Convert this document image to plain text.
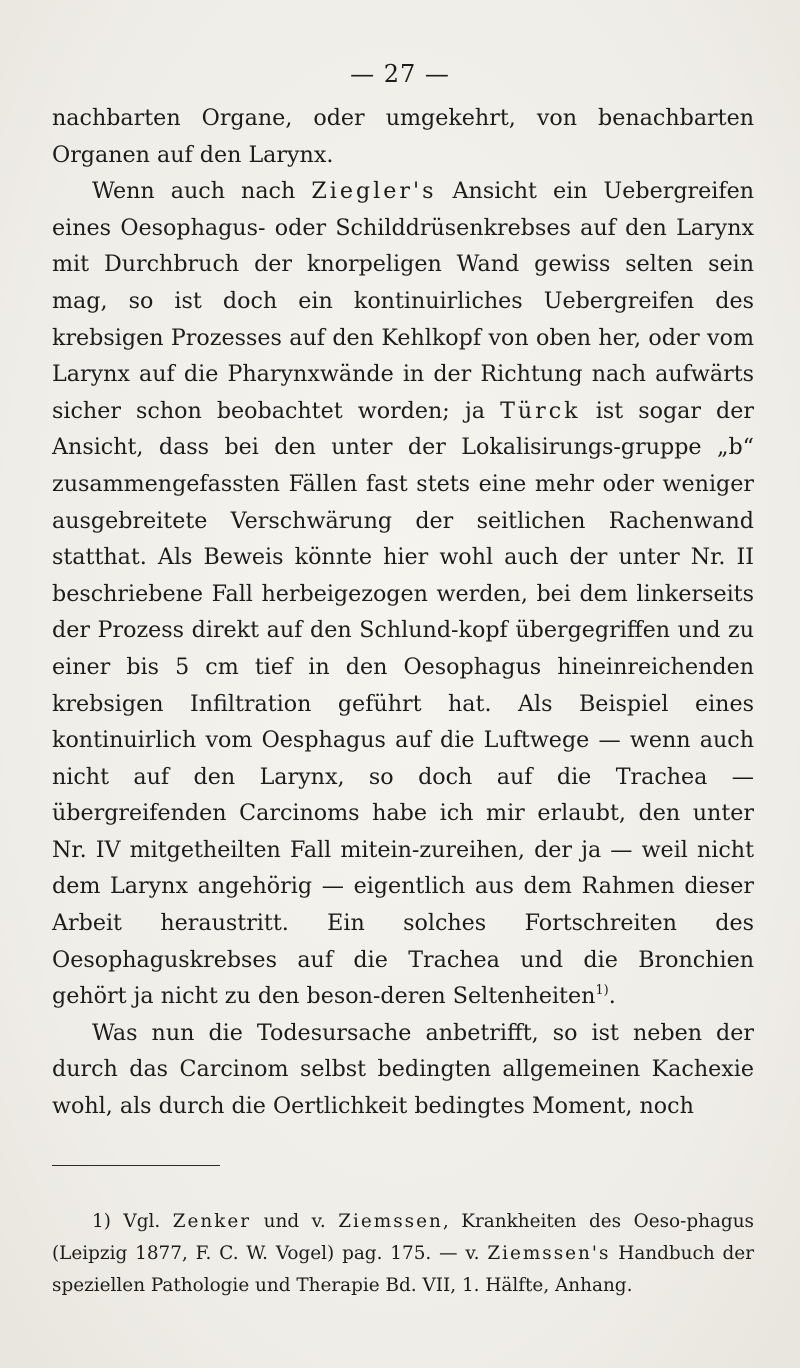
— 27 —

nachbarten Organe, oder umgekehrt, von benachbarten Organen auf den Larynx.

Wenn auch nach Ziegler's Ansicht ein Uebergreifen eines Oesophagus- oder Schilddrüsenkrebses auf den Larynx mit Durchbruch der knorpeligen Wand gewiss selten sein mag, so ist doch ein kontinuirliches Uebergreifen des krebsigen Prozesses auf den Kehlkopf von oben her, oder vom Larynx auf die Pharynxwände in der Richtung nach aufwärts sicher schon beobachtet worden; ja Türck ist sogar der Ansicht, dass bei den unter der Lokalisirungs-gruppe „b“ zusammengefassten Fällen fast stets eine mehr oder weniger ausgebreitete Verschwärung der seitlichen Rachenwand statthat. Als Beweis könnte hier wohl auch der unter Nr. II beschriebene Fall herbeigezogen werden, bei dem linkerseits der Prozess direkt auf den Schlund-kopf übergegriffen und zu einer bis 5 cm tief in den Oesophagus hineinreichenden krebsigen Infiltration geführt hat. Als Beispiel eines kontinuirlich vom Oesphagus auf die Luftwege — wenn auch nicht auf den Larynx, so doch auf die Trachea — übergreifenden Carcinoms habe ich mir erlaubt, den unter Nr. IV mitgetheilten Fall mitein-zureihen, der ja — weil nicht dem Larynx angehörig — eigentlich aus dem Rahmen dieser Arbeit heraustritt. Ein solches Fortschreiten des Oesophaguskrebses auf die Trachea und die Bronchien gehört ja nicht zu den beson-deren Seltenheiten$^{1)}$.

Was nun die Todesursache anbetrifft, so ist neben der durch das Carcinom selbst bedingten allgemeinen Kachexie wohl, als durch die Oertlichkeit bedingtes Moment, noch

1) Vgl. Zenker und v. Ziemssen, Krankheiten des Oeso-phagus (Leipzig 1877, F. C. W. Vogel) pag. 175. — v. Ziemssen's Handbuch der speziellen Pathologie und Therapie Bd. VII, 1. Hälfte, Anhang.
